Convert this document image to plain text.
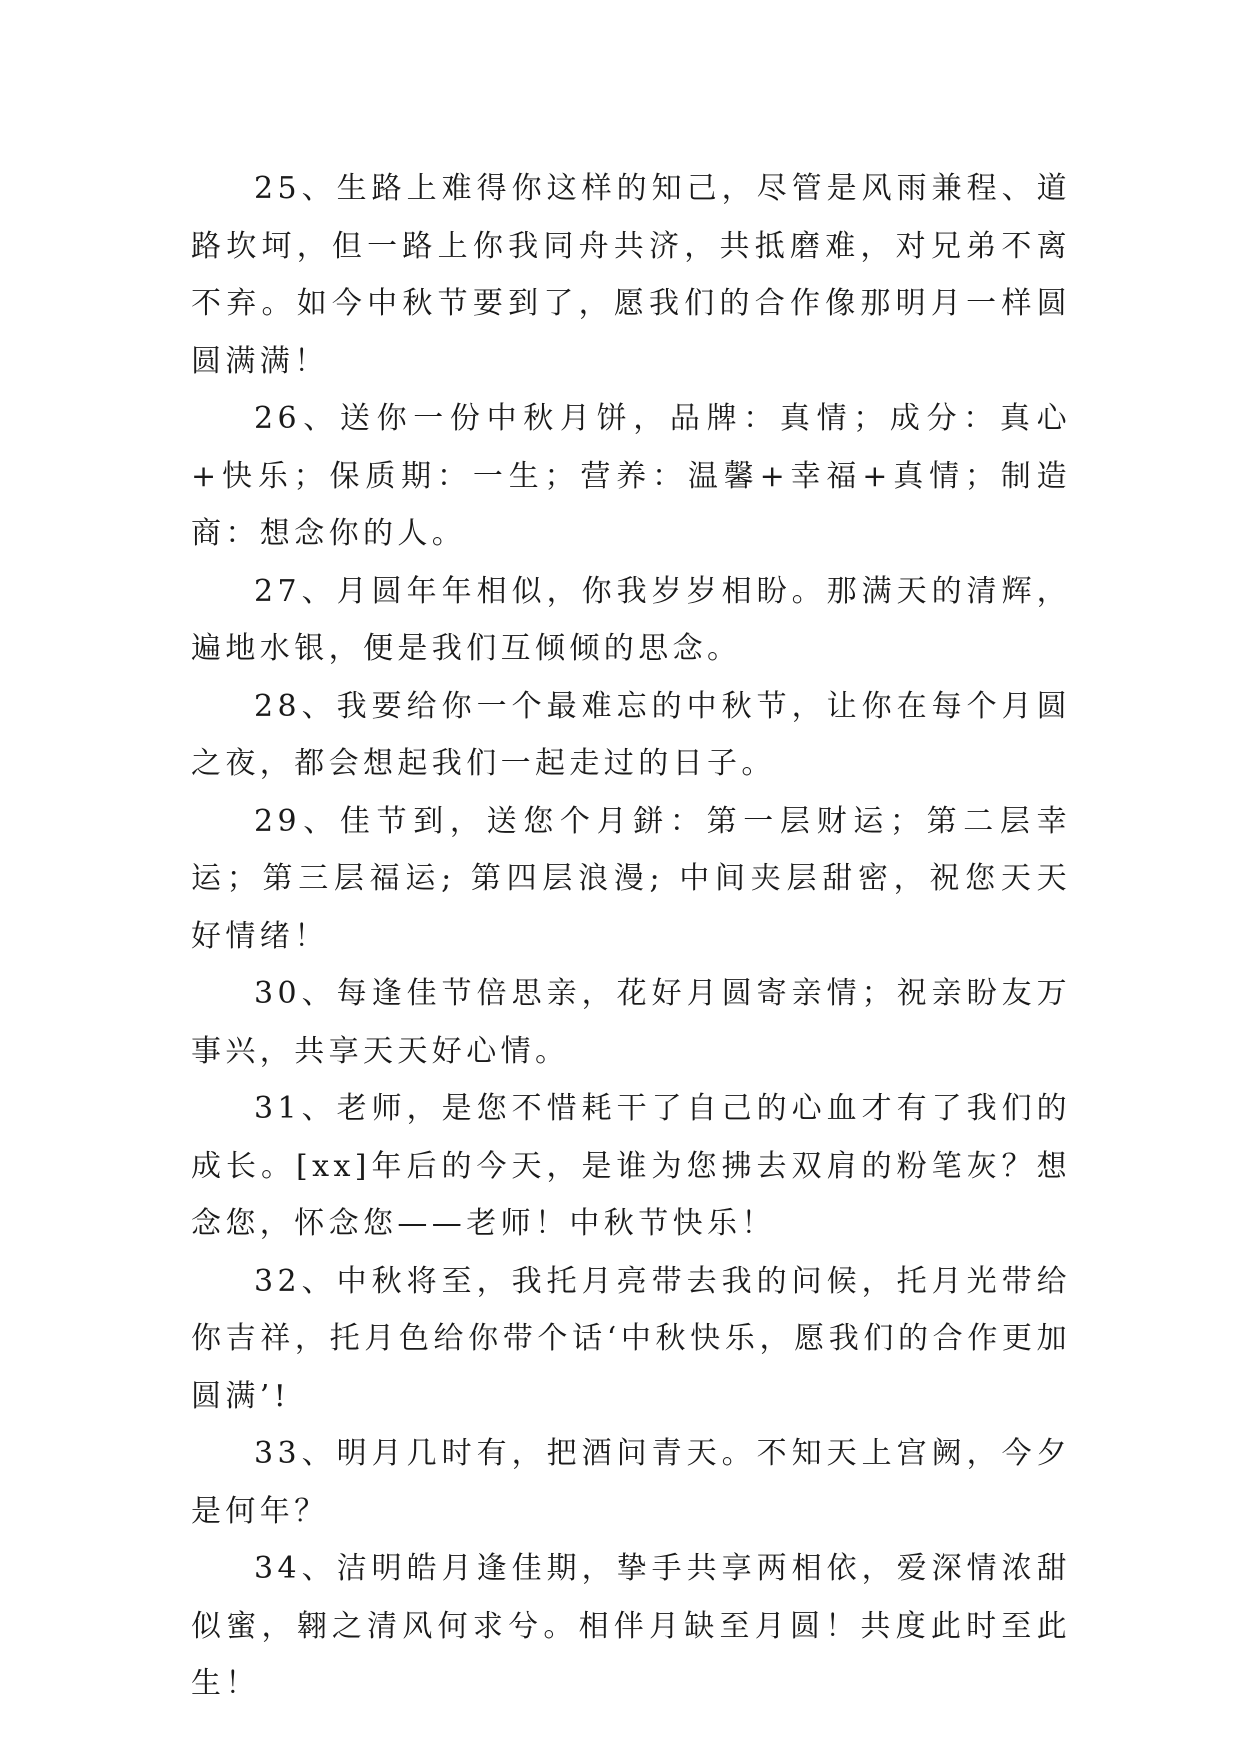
25、生路上难得你这样的知己，尽管是风雨兼程、道路坎坷，但一路上你我同舟共济，共抵磨难，对兄弟不离不弃。如今中秋节要到了，愿我们的合作像那明月一样圆圆满满！

26、送你一份中秋月饼，品牌：真情；成分：真心+快乐；保质期：一生；营养：温馨+幸福+真情；制造商：想念你的人。

27、月圆年年相似，你我岁岁相盼。那满天的清辉，遍地水银，便是我们互倾倾的思念。

28、我要给你一个最难忘的中秋节，让你在每个月圆之夜，都会想起我们一起走过的日子。

29、佳节到，送您个月鉼：第一层财运；第二层幸运；第三层福运; 第四层浪漫; 中间夹层甜密，祝您天天好情绪！

30、每逢佳节倍思亲，花好月圆寄亲情；祝亲盼友万事兴，共享天天好心情。

31、老师，是您不惜耗干了自己的心血才有了我们的成长。[xx]年后的今天，是谁为您拂去双肩的粉笔灰？想念您，怀念您——老师！中秋节快乐！

32、中秋将至，我托月亮带去我的问候，托月光带给你吉祥，托月色给你带个话‘中秋快乐，愿我们的合作更加圆满’!

33、明月几时有，把酒问青天。不知天上宫阙，今夕是何年？

34、洁明皓月逢佳期，挚手共享两相依，爱深情浓甜似蜜，翱之清风何求兮。相伴月缺至月圆！共度此时至此生！
